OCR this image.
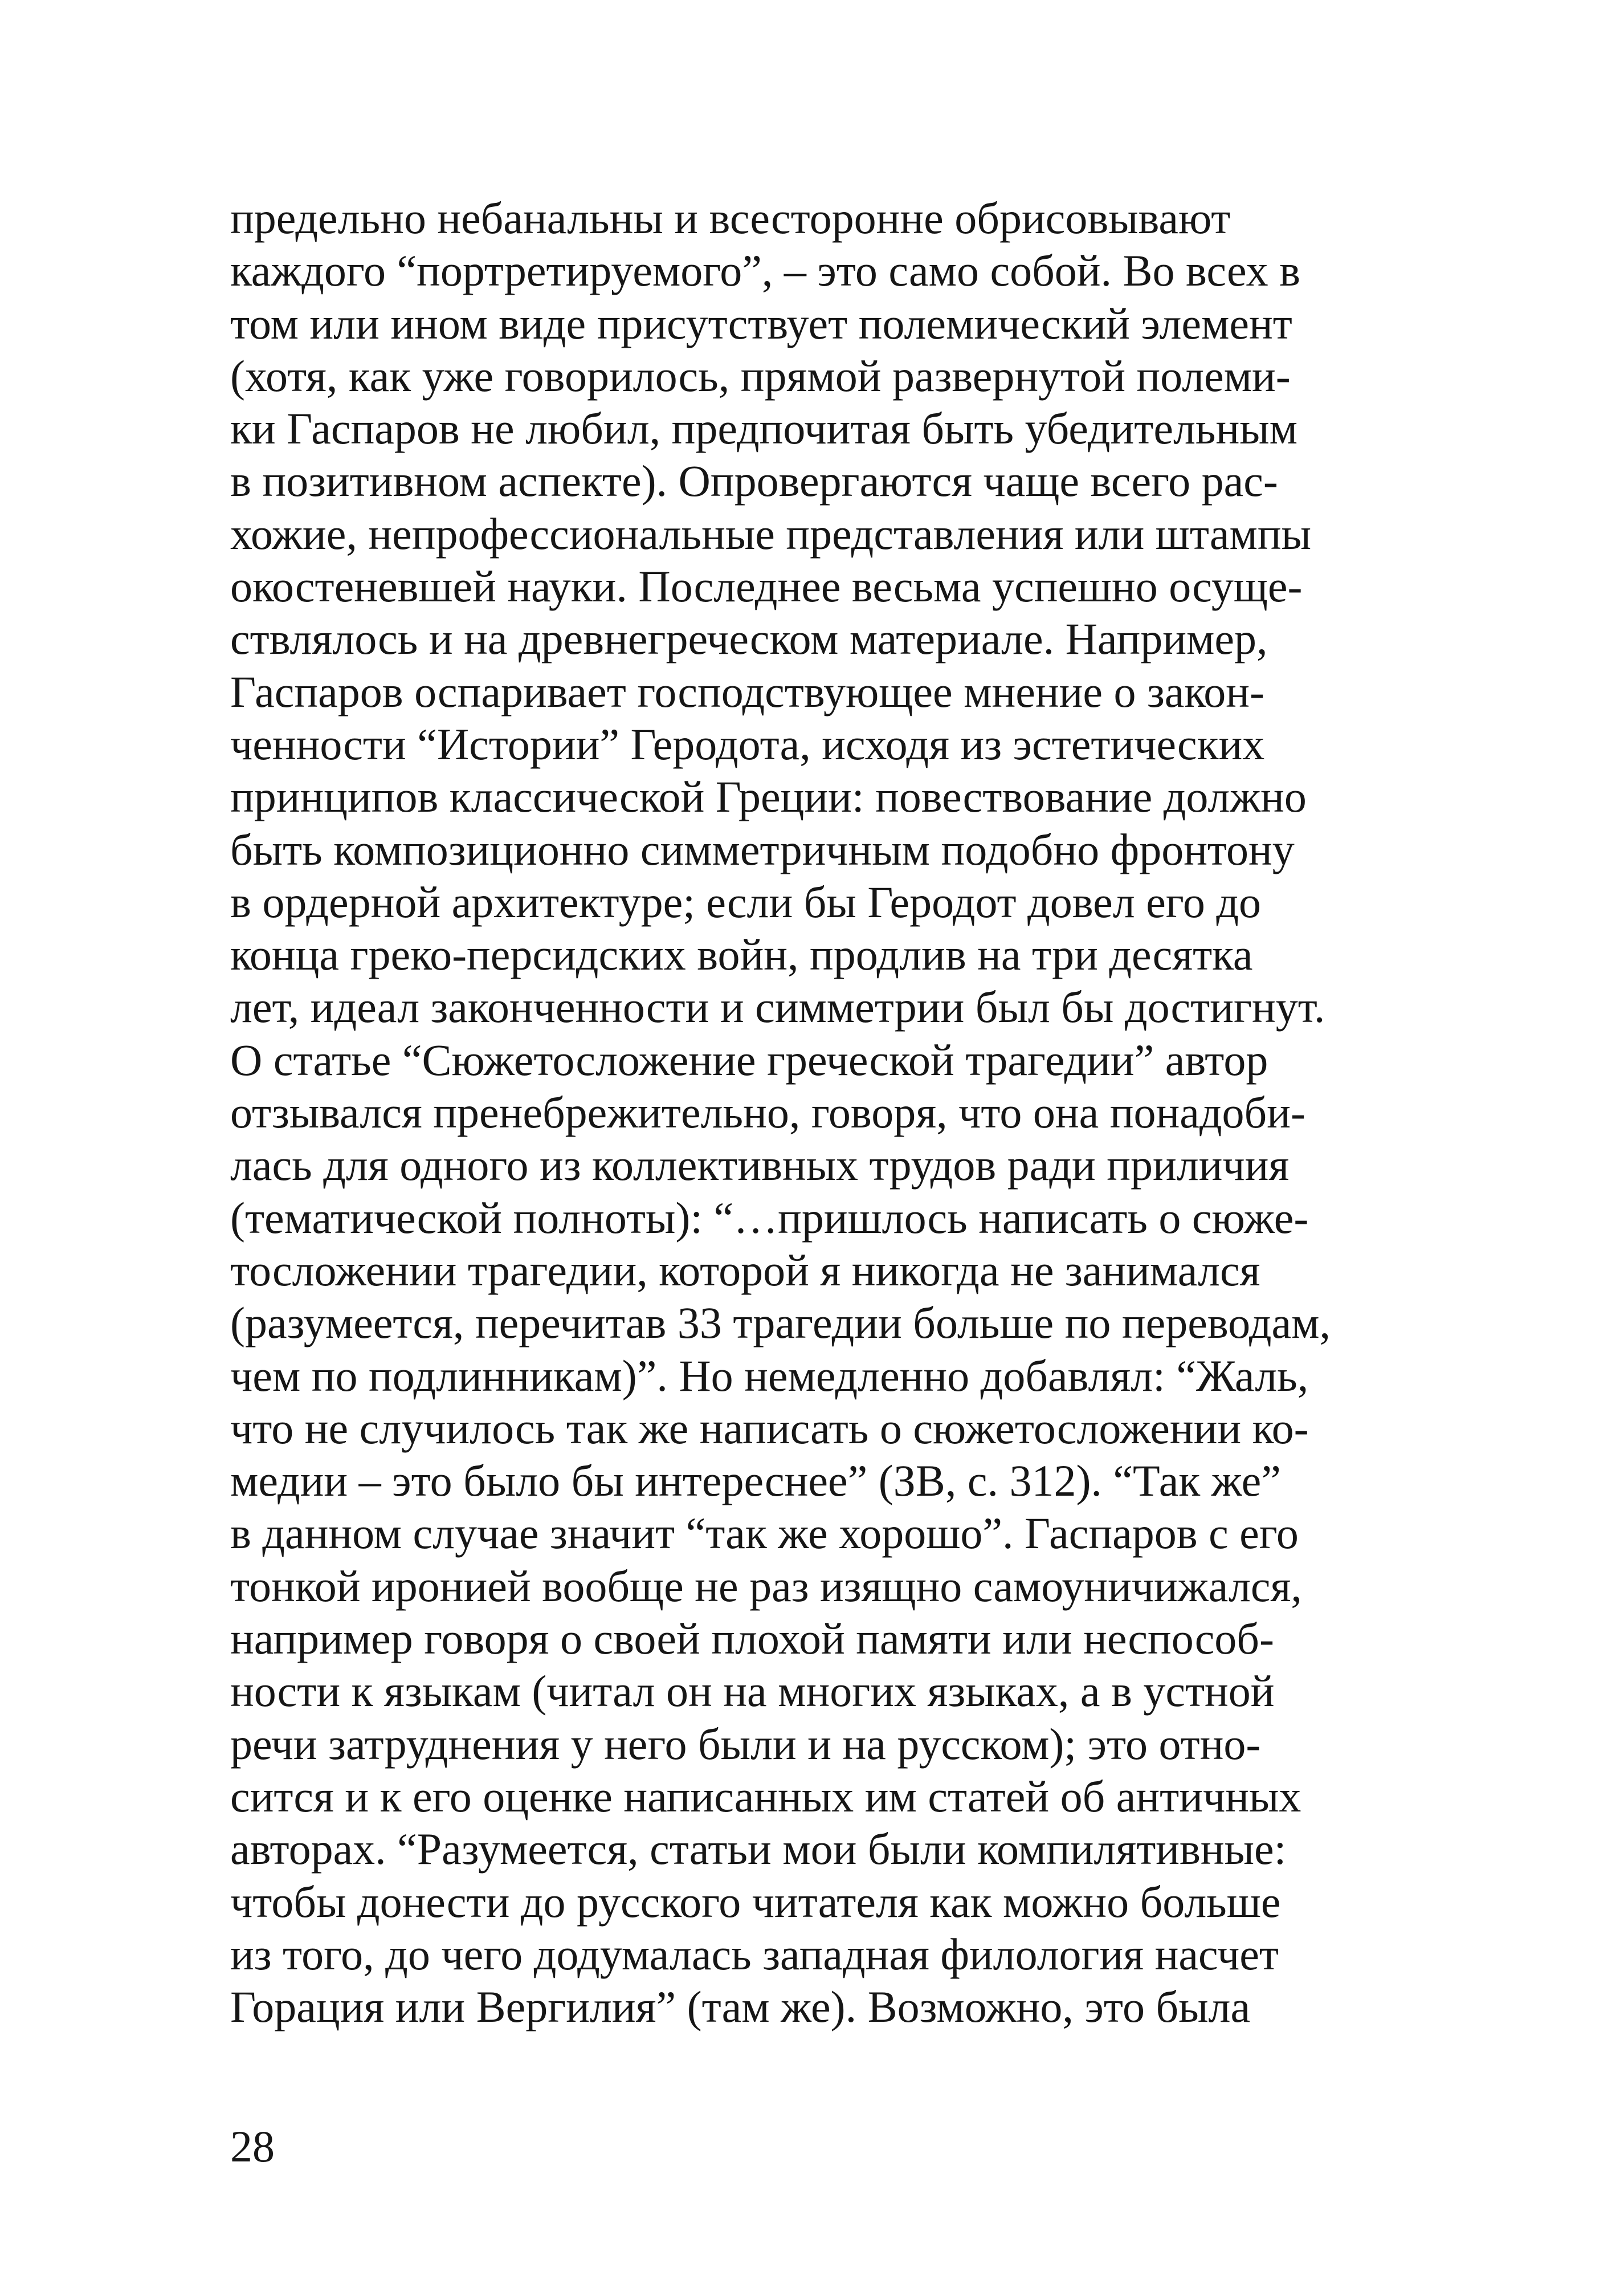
предельно небанальны и всесторонне обрисовывают
каждого “портретируемого”, – это само собой. Во всех в
том или ином виде присутствует полемический элемент
(хотя, как уже говорилось, прямой развернутой полеми-
ки Гаспаров не любил, предпочитая быть убедительным
в позитивном аспекте). Опровергаются чаще всего рас-
хожие, непрофессиональные представления или штампы
окостеневшей науки. Последнее весьма успешно осуще-
ствлялось и на древнегреческом материале. Например,
Гаспаров оспаривает господствующее мнение о закон-
ченности “Истории” Геродота, исходя из эстетических
принципов классической Греции: повествование должно
быть композиционно симметричным подобно фронтону
в ордерной архитектуре; если бы Геродот довел его до
конца греко-персидских войн, продлив на три десятка
лет, идеал законченности и симметрии был бы достигнут.
О статье “Сюжетосложение греческой трагедии” автор
отзывался пренебрежительно, говоря, что она понадоби-
лась для одного из коллективных трудов ради приличия
(тематической полноты): “…пришлось написать о сюже-
тосложении трагедии, которой я никогда не занимался
(разумеется, перечитав 33 трагедии больше по переводам,
чем по подлинникам)”. Но немедленно добавлял: “Жаль,
что не случилось так же написать о сюжетосложении ко-
медии – это было бы интереснее” (ЗВ, с. 312). “Так же”
в данном случае значит “так же хорошо”. Гаспаров с его
тонкой иронией вообще не раз изящно самоуничижался,
например говоря о своей плохой памяти или неспособ-
ности к языкам (читал он на многих языках, а в устной
речи затруднения у него были и на русском); это отно-
сится и к его оценке написанных им статей об античных
авторах. “Разумеется, статьи мои были компилятивные:
чтобы донести до русского читателя как можно больше
из того, до чего додумалась западная филология насчет
Горация или Вергилия” (там же). Возможно, это была
28
